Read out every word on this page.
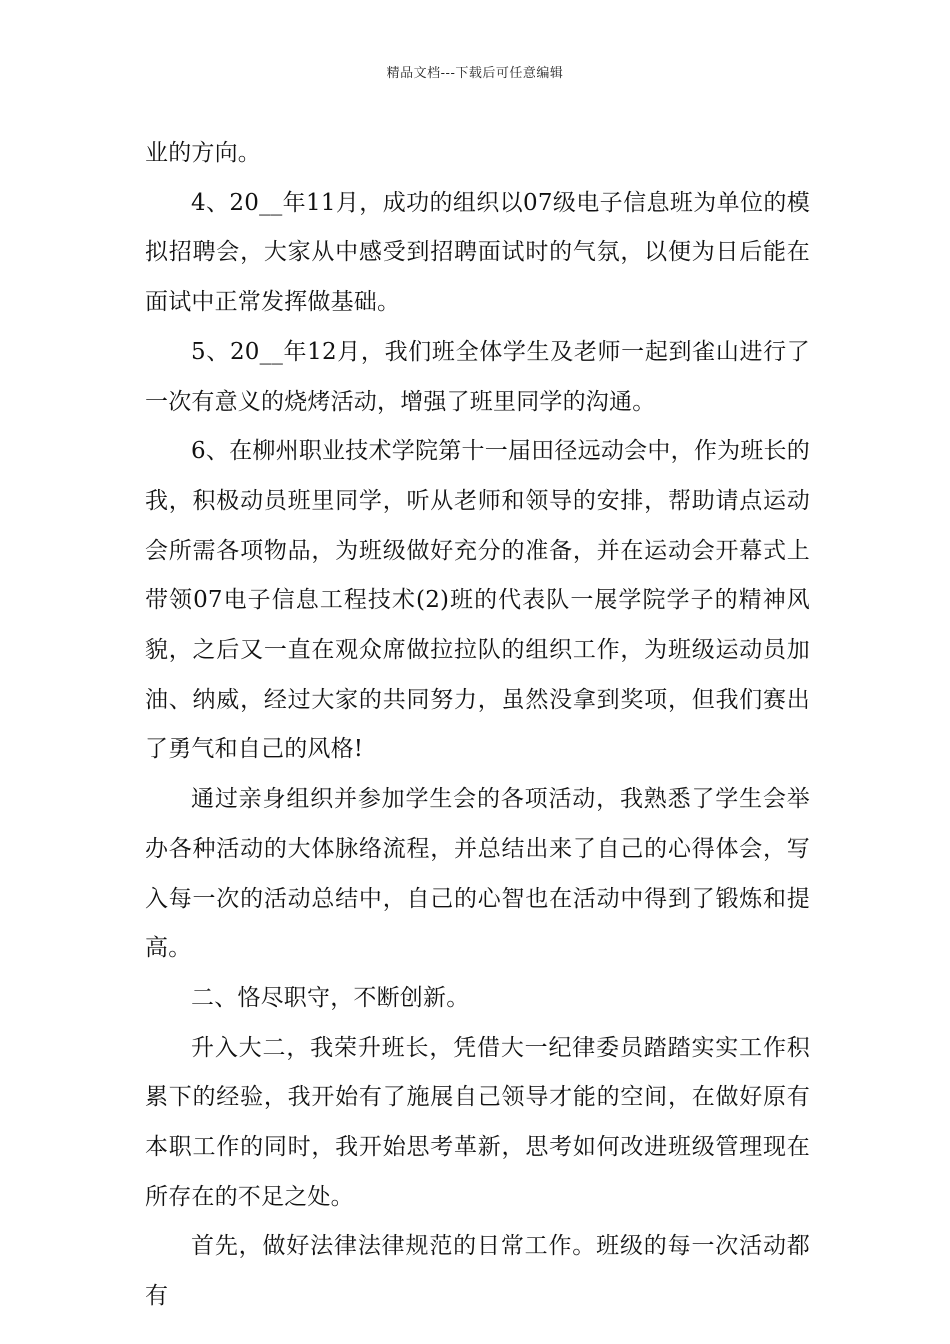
精品文档---下载后可任意编辑

业的方向。

4、20__年11月，成功的组织以07级电子信息班为单位的模拟招聘会，大家从中感受到招聘面试时的气氛，以便为日后能在面试中正常发挥做基础。

5、20__年12月，我们班全体学生及老师一起到雀山进行了一次有意义的烧烤活动，增强了班里同学的沟通。

6、在柳州职业技术学院第十一届田径远动会中，作为班长的我，积极动员班里同学，听从老师和领导的安排，帮助请点运动会所需各项物品，为班级做好充分的准备，并在运动会开幕式上带领07电子信息工程技术(2)班的代表队一展学院学子的精神风貌，之后又一直在观众席做拉拉队的组织工作，为班级运动员加油、纳威，经过大家的共同努力，虽然没拿到奖项，但我们赛出了勇气和自己的风格!

通过亲身组织并参加学生会的各项活动，我熟悉了学生会举办各种活动的大体脉络流程，并总结出来了自己的心得体会，写入每一次的活动总结中，自己的心智也在活动中得到了锻炼和提高。

二、恪尽职守，不断创新。

升入大二，我荣升班长，凭借大一纪律委员踏踏实实工作积累下的经验，我开始有了施展自己领导才能的空间，在做好原有本职工作的同时，我开始思考革新，思考如何改进班级管理现在所存在的不足之处。

首先，做好法律法律规范的日常工作。班级的每一次活动都有
